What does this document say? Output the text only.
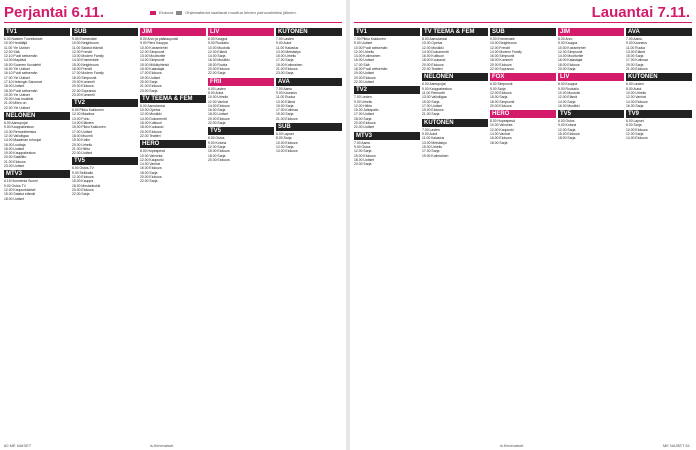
Perjantai 6.11.	Elokuva	Ohjelmatiedot saattavat muuttua lehden painovalmiiksi jälkeen.
TV1
6.00 Naisten Tuoreitukset
10.00 Herättäjä
11.00 Yle Uutiset
12.00 Sää
12.10 Puoli seitsemän
14.00 Iltapäivä
15.00 Suomen Kuvalehti
16.00 Yle Uutiset
16.10 Puoli seitsemän
17.00 Yle Uutiset
17.10 Helsingin Sanomat
18.00 Uutiset
18.30 Puoli seitsemän
19.00 Yle Uutiset
20.00 Uusi musiikki
21.00 Miten on
22.00 Yle Uutiset
NELONEN
6.00 Aamupojat
9.00 Kauppakeskus
10.30 Remonttireiska
12.00 Valioliigaa
14.00 Maailman tuhoojat
16.00 Luottaja
18.00 Uutiset
19.00 Kauppakeskus
20.00 Salaliitto
21.00 Elokuva
23.00 Uutiset
MTV3
6.15 Huomenta Suomi
9.00 Ostos-TV
12.00 Kaupunkilaiset
15.00 Salatut elämät
18.00 Uutiset
SUB
9.00 Emmerdale
10.00 Neighbours
11.00 Salatut elämät
12.00 Frendit
13.00 Modern Family
14.00 Emmerdale
15.00 Neighbours
16.00 Frendit
17.00 Modern Family
18.00 Simpsonit
19.00 Kummeli
20.00 Elokuva
22.00 Sopranos
23.00 Kummeli
TV2
6.00 Pikku Kakkonen
12.00 Maailma
13.00 Puhu
14.00 Eläinten
15.00 Pikku Kakkonen
17.00 Uutiset
18.00 Muumit
19.00 Kotiin
20.00 Urheilu
21.00 Hiihto
22.00 Uutiset
TV5
6.00 Ostos-TV
9.00 Seikkailu
12.00 Elokuva
15.00 Kauppa
18.00 Mestarikokki
20.00 Elokuva
22.00 Sarja
JIM
8.00 Arvo ja pääkaupunki
9.00 Pieni Kauppa
10.00 Koiramiehet
12.00 Simpsonit
13.00 Moottoritie
14.00 Simpsonit
15.00 Mökkiyhteisö
16.00 Kalastajat
17.00 Elokuva
19.00 Uutiset
20.00 Sarja
21.00 Elokuva
23.00 Sarja
TV TEEMA & FEM
8.00 Aamutanssi
10.00 Opetus
12.00 Musiikki
14.00 Dokumentti
16.00 Kulttuuri
18.00 Kuukausi
20.00 Elokuva
22.00 Teatteri
HERO
8.00 Hopeapesä
10.00 Valvonta
12.00 Kaupunki
14.00 Vanhat
16.00 Elokuva
18.00 Sarja
20.00 Elokuva
22.00 Sarja
LIV
8.00 Kauppa
9.00 Ruokailu
10.00 Muotoilu
12.00 Elämä
14.00 Sarja
16.00 Musiikki
18.00 Ruoka
20.00 Elokuva
22.00 Sarja
FRII
6.00 Lasten
8.00 Autot
10.00 Urheilu
12.00 Vanhat
14.00 Elokuva
16.00 Sarja
18.00 Uutiset
20.00 Elokuva
22.00 Sarja
TV5
6.00 Ostos
9.00 Kotona
12.00 Sarja
15.00 Elokuva
18.00 Sarja
20.00 Elokuva
KUTONEN
7.00 Lasten
9.00 Autot
11.00 Kalastus
13.00 Metsästys
15.00 Urheilu
17.00 Sarja
19.00 Kotimainen
21.00 Elokuva
23.00 Sarja
AVA
7.00 Aamu
9.00 Kauneus
11.00 Ruoka
13.00 Elämä
15.00 Sarja
17.00 Kotimaa
19.00 Sarja
21.00 Elokuva
SUB
6.00 Lapset
8.00 Sarja
10.00 Elokuva
12.00 Sarja
14.00 Elokuva
60 ME NAISET	is.fi/menaiset
Lauantai 7.11.
TV1
7.00 Pikku Kakkonen
9.00 Uutiset
10.00 Puoli seitsemän
12.00 Urheilu
14.00 Kotimainen
16.00 Uutiset
17.00 Sää
18.00 Puoli seitsemän
19.00 Uutiset
20.00 Elokuva
22.00 Uutiset
TV2
7.00 Lasten
9.00 Urheilu
12.00 Hiihto
15.00 Jalkapallo
17.00 Uutiset
18.00 Sarja
20.00 Elokuva
22.00 Uutiset
MTV3
7.00 Aamu
9.00 Ostos
12.00 Sarja
15.00 Elokuva
18.00 Uutiset
20.00 Sarja
TV TEEMA & FEM
8.00 Aamutanssi
10.00 Opetus
12.00 Musiikki
14.00 Dokumentti
16.00 Kulttuuri
18.00 Kuukausi
20.00 Elokuva
22.00 Teatteri
NELONEN
6.00 Aamupojat
9.00 Kauppakeskus
11.00 Remontti
13.00 Valioliigaa
15.00 Sarja
17.00 Uutiset
19.00 Elokuva
21.00 Sarja
KUTONEN
7.00 Lasten
9.00 Autot
11.00 Kalastus
13.00 Metsästys
15.00 Urheilu
17.00 Sarja
19.00 Kotimainen
SUB
9.00 Emmerdale
10.00 Neighbours
12.00 Frendit
14.00 Modern Family
16.00 Simpsonit
18.00 Kummeli
20.00 Elokuva
22.00 Sopranos
FOX
6.00 Simpsonit
9.00 Sarja
12.00 Elokuva
15.00 Sarja
18.00 Simpsonit
20.00 Elokuva
HERO
8.00 Hopeapesä
10.00 Valvonta
12.00 Kaupunki
14.00 Vanhat
16.00 Elokuva
18.00 Sarja
JIM
8.00 Arvo
9.00 Kauppa
10.00 Koiramiehet
12.00 Simpsonit
14.00 Moottoritie
16.00 Kalastajat
18.00 Elokuva
20.00 Sarja
LIV
8.00 Kauppa
9.00 Ruokailu
10.00 Muotoilu
12.00 Elämä
14.00 Sarja
16.00 Musiikki
TV5
6.00 Ostos
9.00 Kotona
12.00 Sarja
15.00 Elokuva
18.00 Sarja
AVA
7.00 Aamu
9.00 Kauneus
11.00 Ruoka
13.00 Elämä
15.00 Sarja
17.00 Kotimaa
19.00 Sarja
21.00 Elokuva
KUTONEN
6.00 Lasten
8.00 Autot
10.00 Urheilu
12.00 Vanhat
14.00 Elokuva
16.00 Sarja
TV9
6.00 Lapset
8.00 Sarja
10.00 Elokuva
12.00 Sarja
14.00 Elokuva
is.fi/menaiset	ME NAISET 61
